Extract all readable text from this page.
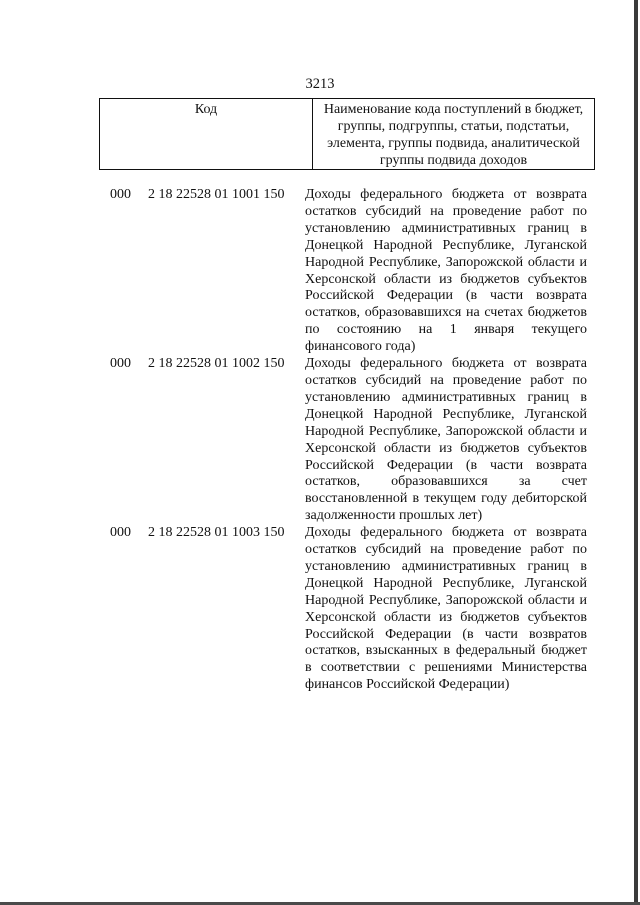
3213
Код	Наименование кода поступлений в бюджет, группы, подгруппы, статьи, подстатьи, элемента, группы подвида, аналитической группы подвида доходов
000 2 18 22528 01 1001 150 Доходы федерального бюджета от возврата остатков субсидий на проведение работ по установлению административных границ в Донецкой Народной Республике, Луганской Народной Республике, Запорожской области и Херсонской области из бюджетов субъектов Российской Федерации (в части возврата остатков, образовавшихся на счетах бюджетов по состоянию на 1 января текущего финансового года)
000 2 18 22528 01 1002 150 Доходы федерального бюджета от возврата остатков субсидий на проведение работ по установлению административных границ в Донецкой Народной Республике, Луганской Народной Республике, Запорожской области и Херсонской области из бюджетов субъектов Российской Федерации (в части возврата остатков, образовавшихся за счет восстановленной в текущем году дебиторской задолженности прошлых лет)
000 2 18 22528 01 1003 150 Доходы федерального бюджета от возврата остатков субсидий на проведение работ по установлению административных границ в Донецкой Народной Республике, Луганской Народной Республике, Запорожской области и Херсонской области из бюджетов субъектов Российской Федерации (в части возвратов остатков, взысканных в федеральный бюджет в соответствии с решениями Министерства финансов Российской Федерации)
